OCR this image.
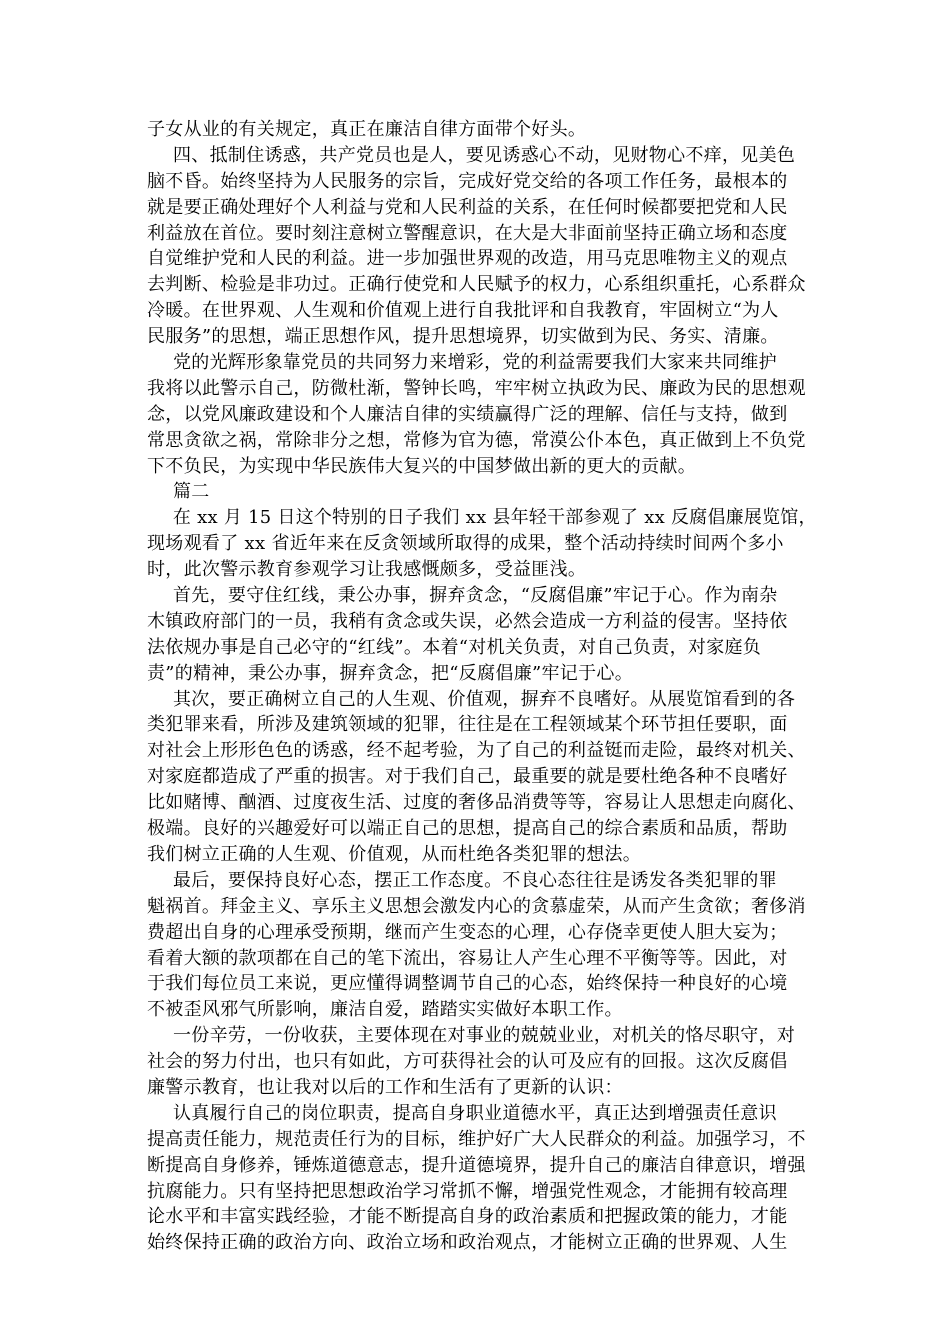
子女从业的有关规定，真正在廉洁自律方面带个好头。
四、抵制住诱惑，共产党员也是人，要见诱惑心不动，见财物心不痒，见美色
脑不昏。始终坚持为人民服务的宗旨，完成好党交给的各项工作任务，最根本的
就是要正确处理好个人利益与党和人民利益的关系，在任何时候都要把党和人民
利益放在首位。要时刻注意树立警醒意识，在大是大非面前坚持正确立场和态度
自觉维护党和人民的利益。进一步加强世界观的改造，用马克思唯物主义的观点
去判断、检验是非功过。正确行使党和人民赋予的权力，心系组织重托，心系群众
冷暖。在世界观、人生观和价值观上进行自我批评和自我教育，牢固树立“为人
民服务”的思想，端正思想作风，提升思想境界，切实做到为民、务实、清廉。
党的光辉形象靠党员的共同努力来增彩，党的利益需要我们大家来共同维护
我将以此警示自己，防微杜渐，警钟长鸣，牢牢树立执政为民、廉政为民的思想观
念，以党风廉政建设和个人廉洁自律的实绩赢得广泛的理解、信任与支持，做到
常思贪欲之祸，常除非分之想，常修为官为德，常漠公仆本色，真正做到上不负党
下不负民，为实现中华民族伟大复兴的中国梦做出新的更大的贡献。
篇二
在 xx 月 15 日这个特别的日子我们 xx 县年轻干部参观了 xx 反腐倡廉展览馆，
现场观看了 xx 省近年来在反贪领域所取得的成果，整个活动持续时间两个多小
时，此次警示教育参观学习让我感慨颇多，受益匪浅。
首先，要守住红线，秉公办事，摒弃贪念，“反腐倡廉”牢记于心。作为南杂
木镇政府部门的一员，我稍有贪念或失误，必然会造成一方利益的侵害。坚持依
法依规办事是自己必守的“红线”。本着“对机关负责，对自己负责，对家庭负
责”的精神，秉公办事，摒弃贪念，把“反腐倡廉”牢记于心。
其次，要正确树立自己的人生观、价值观，摒弃不良嗜好。从展览馆看到的各
类犯罪来看，所涉及建筑领域的犯罪，往往是在工程领域某个环节担任要职，面
对社会上形形色色的诱惑，经不起考验，为了自己的利益铤而走险，最终对机关、
对家庭都造成了严重的损害。对于我们自己，最重要的就是要杜绝各种不良嗜好
比如赌博、酗酒、过度夜生活、过度的奢侈品消费等等，容易让人思想走向腐化、
极端。良好的兴趣爱好可以端正自己的思想，提高自己的综合素质和品质，帮助
我们树立正确的人生观、价值观，从而杜绝各类犯罪的想法。
最后，要保持良好心态，摆正工作态度。不良心态往往是诱发各类犯罪的罪
魁祸首。拜金主义、享乐主义思想会激发内心的贪慕虚荣，从而产生贪欲；奢侈消
费超出自身的心理承受预期，继而产生变态的心理，心存侥幸更使人胆大妄为；
看着大额的款项都在自己的笔下流出，容易让人产生心理不平衡等等。因此，对
于我们每位员工来说，更应懂得调整调节自己的心态，始终保持一种良好的心境
不被歪风邪气所影响，廉洁自爱，踏踏实实做好本职工作。
一份辛劳，一份收获，主要体现在对事业的兢兢业业，对机关的恪尽职守，对
社会的努力付出，也只有如此，方可获得社会的认可及应有的回报。这次反腐倡
廉警示教育，也让我对以后的工作和生活有了更新的认识：
认真履行自己的岗位职责，提高自身职业道德水平，真正达到增强责任意识
提高责任能力，规范责任行为的目标，维护好广大人民群众的利益。加强学习，不
断提高自身修养，锤炼道德意志，提升道德境界，提升自己的廉洁自律意识，增强
抗腐能力。只有坚持把思想政治学习常抓不懈，增强党性观念，才能拥有较高理
论水平和丰富实践经验，才能不断提高自身的政治素质和把握政策的能力，才能
始终保持正确的政治方向、政治立场和政治观点，才能树立正确的世界观、人生
